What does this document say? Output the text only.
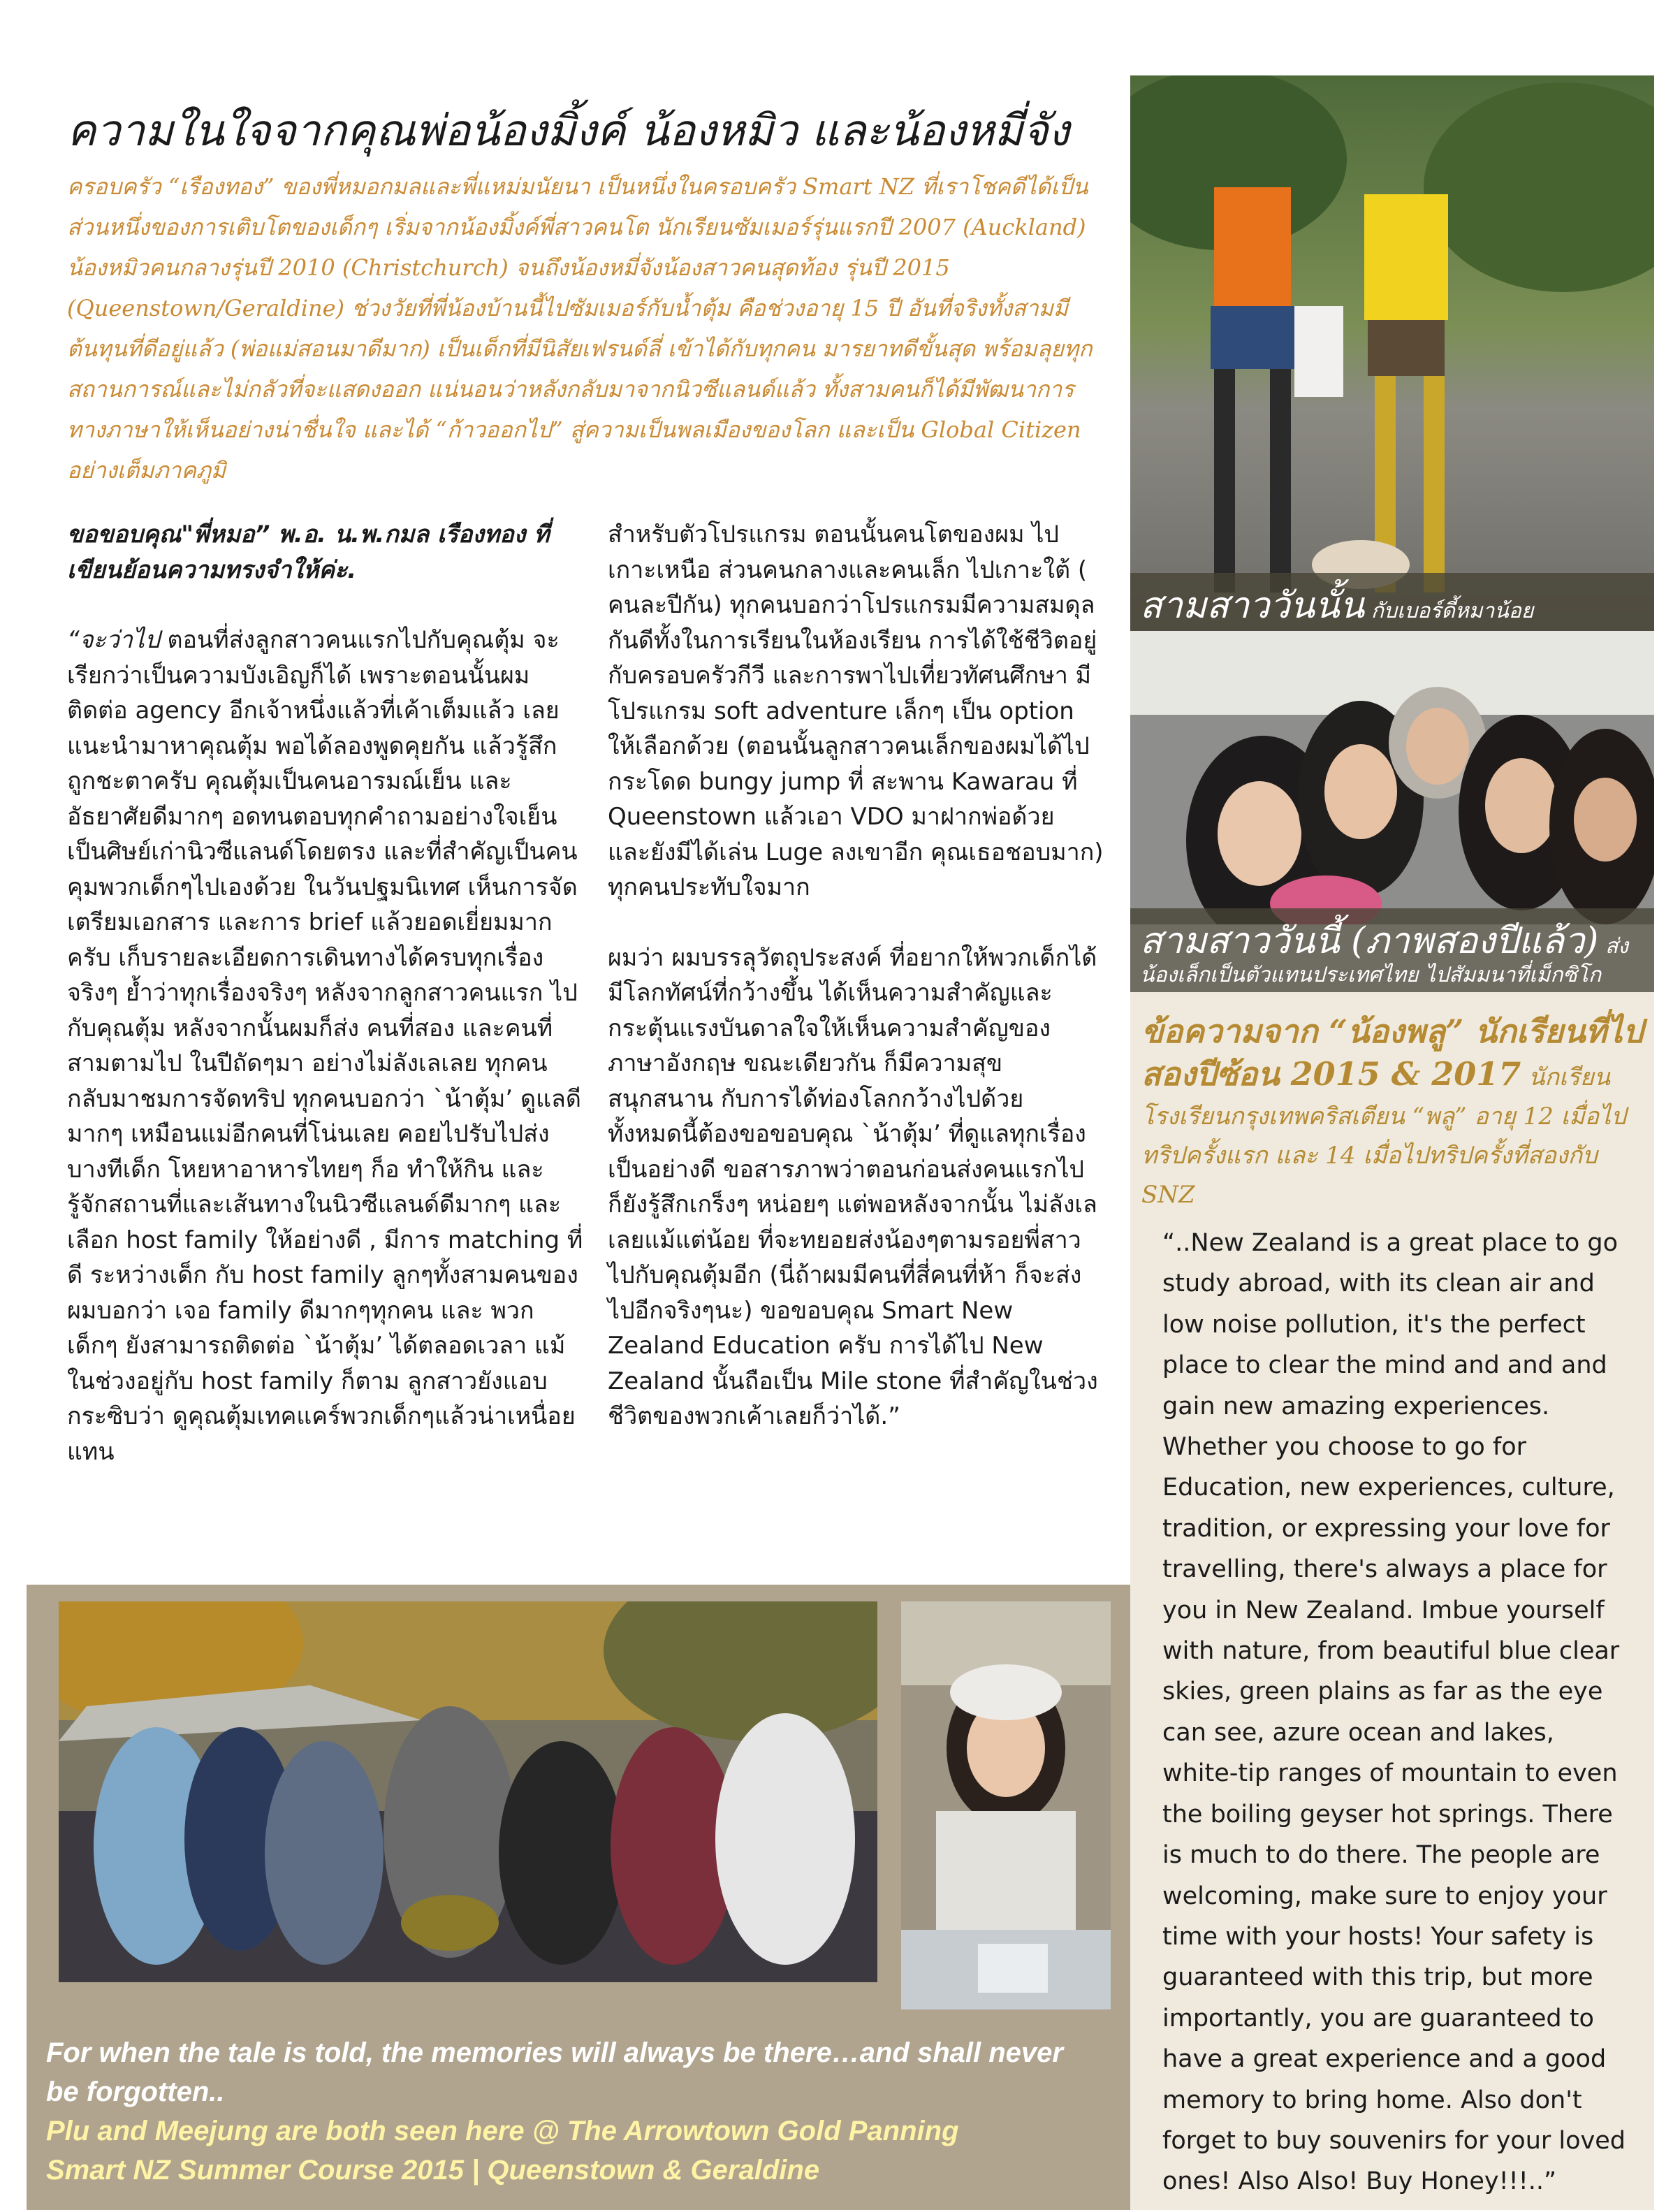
ความในใจจากคุณพ่อน้องมิ้งค์ น้องหมิว และน้องหมี่จัง

ครอบครัว “เรืองทอง” ของพี่หมอกมลและพี่แหม่มนัยนา เป็นหนึ่งในครอบครัว Smart NZ ที่เราโชคดีได้เป็นส่วนหนึ่งของการเติบโตของเด็กๆ เริ่มจากน้องมิ้งค์พี่สาวคนโต นักเรียนซัมเมอร์รุ่นแรกปี 2007 (Auckland) น้องหมิวคนกลางรุ่นปี 2010 (Christchurch) จนถึงน้องหมี่จังน้องสาวคนสุดท้อง รุ่นปี 2015 (Queenstown/Geraldine) ช่วงวัยที่พี่น้องบ้านนี้ไปซัมเมอร์กับน้ำตุ้ม คือช่วงอายุ 15 ปี อันที่จริงทั้งสามมีต้นทุนที่ดีอยู่แล้ว (พ่อแม่สอนมาดีมาก) เป็นเด็กที่มีนิสัยเฟรนด์ลี่ เข้าได้กับทุกคน มารยาทดีขั้นสุด พร้อมลุยทุกสถานการณ์และไม่กลัวที่จะแสดงออก แน่นอนว่าหลังกลับมาจากนิวซีแลนด์แล้ว ทั้งสามคนก็ได้มีพัฒนาการทางภาษาให้เห็นอย่างน่าชื่นใจ และได้ “ก้าวออกไป” สู่ความเป็นพลเมืองของโลก และเป็น Global Citizen อย่างเต็มภาคภูมิ

ขอขอบคุณ"พี่หมอ” พ.อ. น.พ.กมล เรืองทอง ที่เขียนย้อนความทรงจำให้ค่ะ.

“จะว่าไป ตอนที่ส่งลูกสาวคนแรกไปกับคุณตุ้ม จะเรียกว่าเป็นความบังเอิญก็ได้ เพราะตอนนั้นผมติดต่อ agency อีกเจ้าหนึ่งแล้วที่เค้าเต็มแล้ว เลยแนะนำมาหาคุณตุ้ม พอได้ลองพูดคุยกัน แล้วรู้สึกถูกชะตาครับ คุณตุ้มเป็นคนอารมณ์เย็น และอัธยาศัยดีมากๆ อดทนตอบทุกคำถามอย่างใจเย็น เป็นศิษย์เก่านิวซีแลนด์โดยตรง และที่สำคัญเป็นคนคุมพวกเด็กๆไปเองด้วย ในวันปฐมนิเทศ เห็นการจัดเตรียมเอกสาร และการ brief แล้วยอดเยี่ยมมากครับ เก็บรายละเอียดการเดินทางได้ครบทุกเรื่องจริงๆ ย้ำว่าทุกเรื่องจริงๆ หลังจากลูกสาวคนแรก ไปกับคุณตุ้ม หลังจากนั้นผมก็ส่ง คนที่สอง และคนที่สามตามไป ในปีถัดๆมา อย่างไม่ลังเลเลย ทุกคนกลับมาชมการจัดทริป ทุกคนบอกว่า `น้าตุ้ม’ ดูแลดีมากๆ เหมือนแม่อีกคนที่โน่นเลย คอยไปรับไปส่ง บางทีเด็ก โหยหาอาหารไทยๆ ก็อ ทำให้กิน และรู้จักสถานที่และเส้นทางในนิวซีแลนด์ดีมากๆ และเลือก host family ให้อย่างดี , มีการ matching ที่ดี ระหว่างเด็ก กับ host family ลูกๆทั้งสามคนของผมบอกว่า เจอ family ดีมากๆทุกคน และ พวกเด็กๆ ยังสามารถติดต่อ `น้าตุ้ม’ ได้ตลอดเวลา แม้ในช่วงอยู่กับ host family ก็ตาม ลูกสาวยังแอบกระซิบว่า ดูคุณตุ้มเทคแคร์พวกเด็กๆแล้วน่าเหนื่อยแทน

สำหรับตัวโปรแกรม ตอนนั้นคนโตของผม ไปเกาะเหนือ ส่วนคนกลางและคนเล็ก ไปเกาะใต้ ( คนละปีกัน) ทุกคนบอกว่าโปรแกรมมีความสมดุลกันดีทั้งในการเรียนในห้องเรียน การได้ใช้ชีวิตอยู่กับครอบครัวกีวี และการพาไปเที่ยวทัศนศึกษา มีโปรแกรม soft adventure เล็กๆ เป็น option ให้เลือกด้วย (ตอนนั้นลูกสาวคนเล็กของผมได้ไปกระโดด bungy jump ที่ สะพาน Kawarau ที่ Queenstown แล้วเอา VDO มาฝากพ่อด้วย และยังมีได้เล่น Luge ลงเขาอีก คุณเธอชอบมาก) ทุกคนประทับใจมาก

ผมว่า ผมบรรลุวัตถุประสงค์ ที่อยากให้พวกเด็กได้มีโลกทัศน์ที่กว้างขึ้น ได้เห็นความสำคัญและกระตุ้นแรงบันดาลใจให้เห็นความสำคัญของภาษาอังกฤษ ขณะเดียวกัน ก็มีความสุขสนุกสนาน กับการได้ท่องโลกกว้างไปด้วย ทั้งหมดนี้ต้องขอขอบคุณ `น้าตุ้ม’ ที่ดูแลทุกเรื่องเป็นอย่างดี ขอสารภาพว่าตอนก่อนส่งคนแรกไป ก็ยังรู้สึกเกร็งๆ หน่อยๆ แต่พอหลังจากนั้น ไม่ลังเลเลยแม้แต่น้อย ที่จะทยอยส่งน้องๆตามรอยพี่สาวไปกับคุณตุ้มอีก (นี่ถ้าผมมีคนที่สี่คนที่ห้า ก็จะส่งไปอีกจริงๆนะ) ขอขอบคุณ Smart New Zealand Education ครับ การได้ไป New Zealand นั้นถือเป็น Mile stone ที่สำคัญในช่วงชีวิตของพวกเค้าเลยก็ว่าได้.”

สามสาววันนั้น กับเบอร์ดี้หมาน้อย
สามสาววันนี้ (ภาพสองปีแล้ว) ส่ง
น้องเล็กเป็นตัวแทนประเทศไทย ไปสัมมนาที่เม็กซิโก
ข้อความจาก “น้องพลู” นักเรียนที่ไปสองปีซ้อน 2015 & 2017 นักเรียนโรงเรียนกรุงเทพคริสเตียน “พลู” อายุ 12 เมื่อไปทริปครั้งแรก และ 14 เมื่อไปทริปครั้งที่สองกับ SNZ
“..New Zealand is a great place to go study abroad, with its clean air and low noise pollution, it's the perfect place to clear the mind and and and gain new amazing experiences. Whether you choose to go for Education, new experiences, culture, tradition, or expressing your love for travelling, there's always a place for you in New Zealand. Imbue yourself with nature, from beautiful blue clear skies, green plains as far as the eye can see, azure ocean and lakes, white-tip ranges of mountain to even the boiling geyser hot springs. There is much to do there. The people are welcoming, make sure to enjoy your time with your hosts! Your safety is guaranteed with this trip, but more importantly, you are guaranteed to have a great experience and a good memory to bring home. Also don't forget to buy souvenirs for your loved ones! Also Also! Buy Honey!!!..”
For when the tale is told, the memories will always be there…and shall never be forgotten..
Plu and Meejung are both seen here @ The Arrowtown Gold Panning
Smart NZ Summer Course 2015 | Queenstown & Geraldine
